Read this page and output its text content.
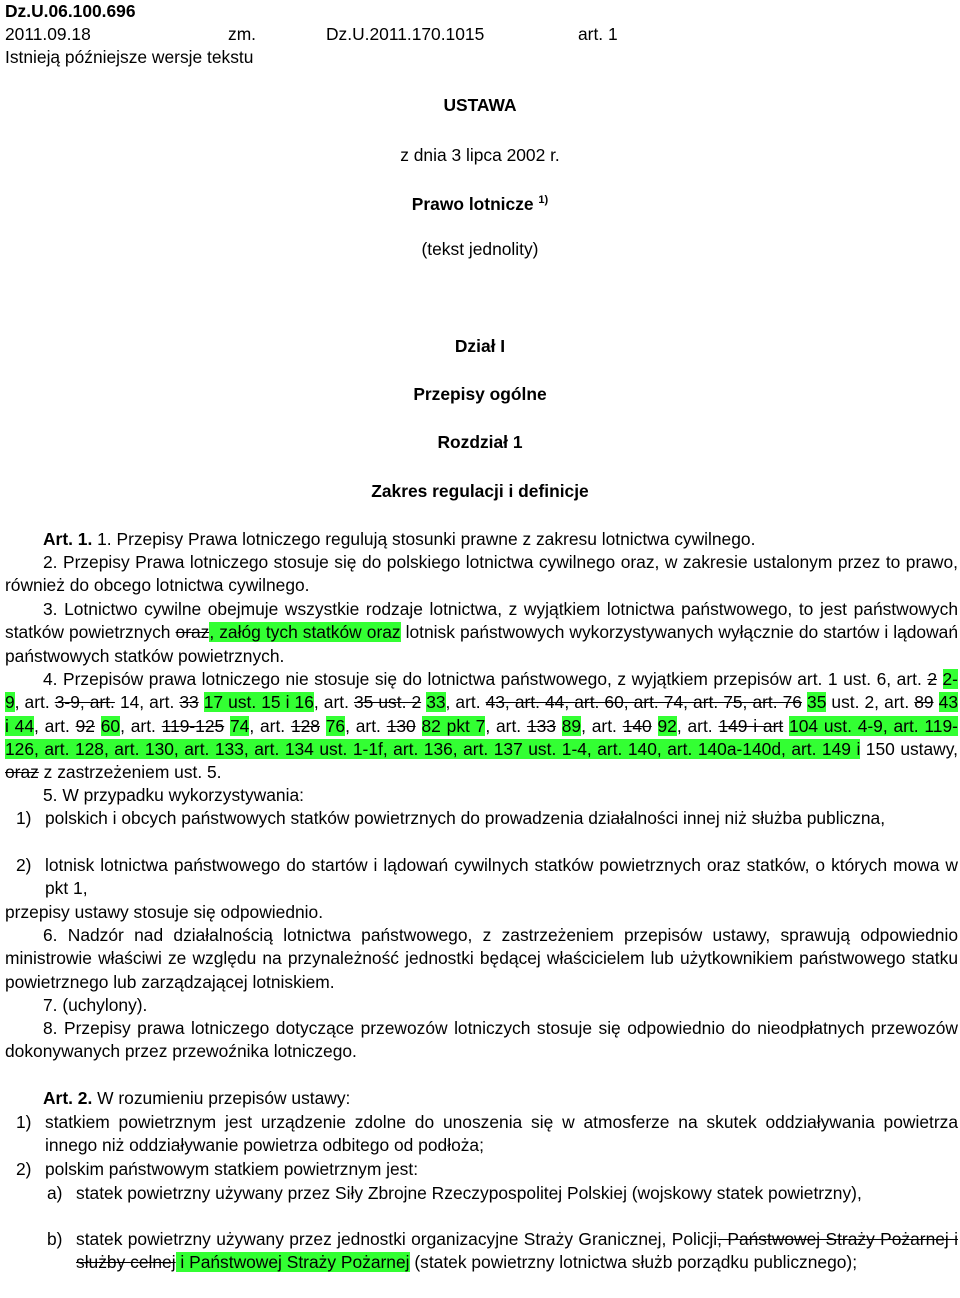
Dz.U.06.100.696
2011.09.18	zm.	Dz.U.2011.170.1015	art. 1
Istnieją późniejsze wersje tekstu
USTAWA
z dnia 3 lipca 2002 r.
Prawo lotnicze $^{1)}$
(tekst jednolity)
Dział I
Przepisy ogólne
Rozdział 1
Zakres regulacji i definicje
Art. 1. 1. Przepisy Prawa lotniczego regulują stosunki prawne z zakresu lotnictwa cywilnego.
2. Przepisy Prawa lotniczego stosuje się do polskiego lotnictwa cywilnego oraz, w zakresie ustalonym przez to prawo, również do obcego lotnictwa cywilnego.
3. Lotnictwo cywilne obejmuje wszystkie rodzaje lotnictwa, z wyjątkiem lotnictwa państwowego, to jest państwowych statków powietrznych oraz, załóg tych statków oraz lotnisk państwowych wykorzystywanych wyłącznie do startów i lądowań państwowych statków powietrznych.
4. Przepisów prawa lotniczego nie stosuje się do lotnictwa państwowego, z wyjątkiem przepisów art. 1 ust. 6, art. 2 2-9, art. 3-9, art. 14, art. 33 17 ust. 15 i 16, art. 35 ust. 2 33, art. 43, art. 44, art. 60, art. 74, art. 75, art. 76 35 ust. 2, art. 89 43 i 44, art. 92 60, art. 119-125 74, art. 128 76, art. 130 82 pkt 7, art. 133 89, art. 140 92, art. 149 i art 104 ust. 4-9, art. 119-126, art. 128, art. 130, art. 133, art. 134 ust. 1-1f, art. 136, art. 137 ust. 1-4, art. 140, art. 140a-140d, art. 149 i 150 ustawy, oraz z zastrzeżeniem ust. 5.
5. W przypadku wykorzystywania:
1) polskich i obcych państwowych statków powietrznych do prowadzenia działalności innej niż służba publiczna,
2) lotnisk lotnictwa państwowego do startów i lądowań cywilnych statków powietrznych oraz statków, o których mowa w pkt 1,
przepisy ustawy stosuje się odpowiednio.
6. Nadzór nad działalnością lotnictwa państwowego, z zastrzeżeniem przepisów ustawy, sprawują odpowiednio ministrowie właściwi ze względu na przynależność jednostki będącej właścicielem lub użytkownikiem państwowego statku powietrznego lub zarządzającej lotniskiem.
7. (uchylony).
8. Przepisy prawa lotniczego dotyczące przewozów lotniczych stosuje się odpowiednio do nieodpłatnych przewozów dokonywanych przez przewoźnika lotniczego.
Art. 2. W rozumieniu przepisów ustawy:
1) statkiem powietrznym jest urządzenie zdolne do unoszenia się w atmosferze na skutek oddziaływania powietrza innego niż oddziaływanie powietrza odbitego od podłoża;
2) polskim państwowym statkiem powietrznym jest:
a) statek powietrzny używany przez Siły Zbrojne Rzeczypospolitej Polskiej (wojskowy statek powietrzny),
b) statek powietrzny używany przez jednostki organizacyjne Straży Granicznej, Policji, Państwowej Straży Pożarnej i służby celnej i Państwowej Straży Pożarnej (statek powietrzny lotnictwa służb porządku publicznego);
